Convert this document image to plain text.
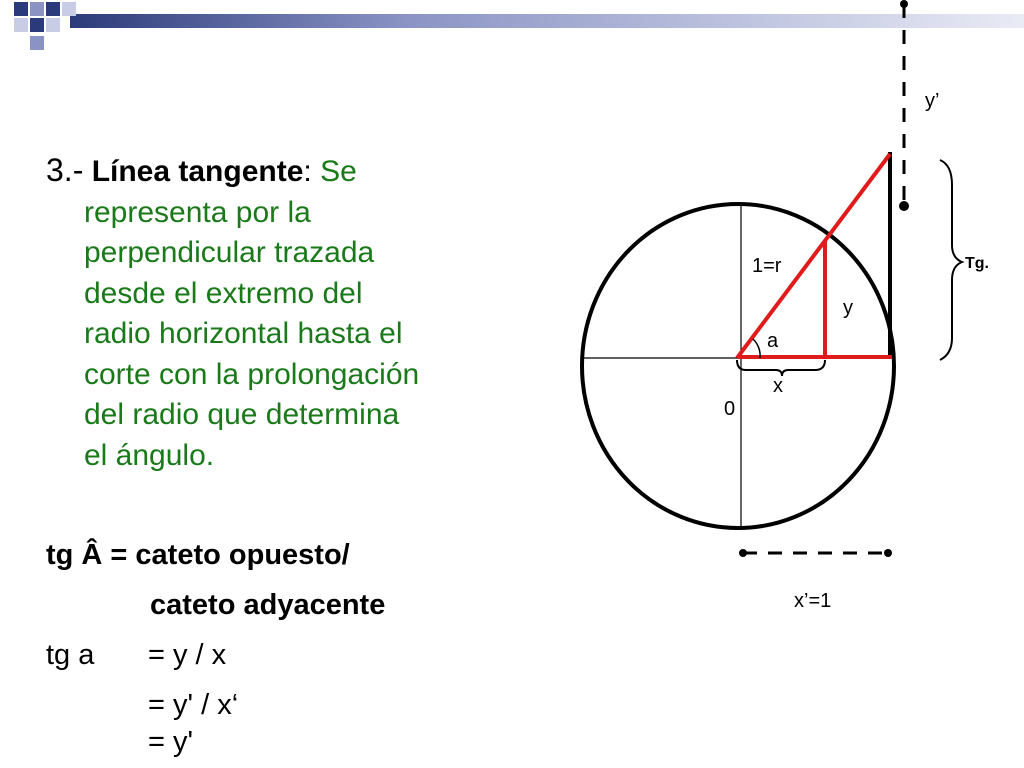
3.- Línea tangente: Se
representa por la
perpendicular trazada
desde el extremo del
radio horizontal hasta el
corte con la prolongación
del radio que determina
el ángulo.
tg Â = cateto opuesto/
cateto adyacente
tg a = y / x
= y' / x‘
= y'
y’
Tg.
1=r
y
a
x
0
x’=1
